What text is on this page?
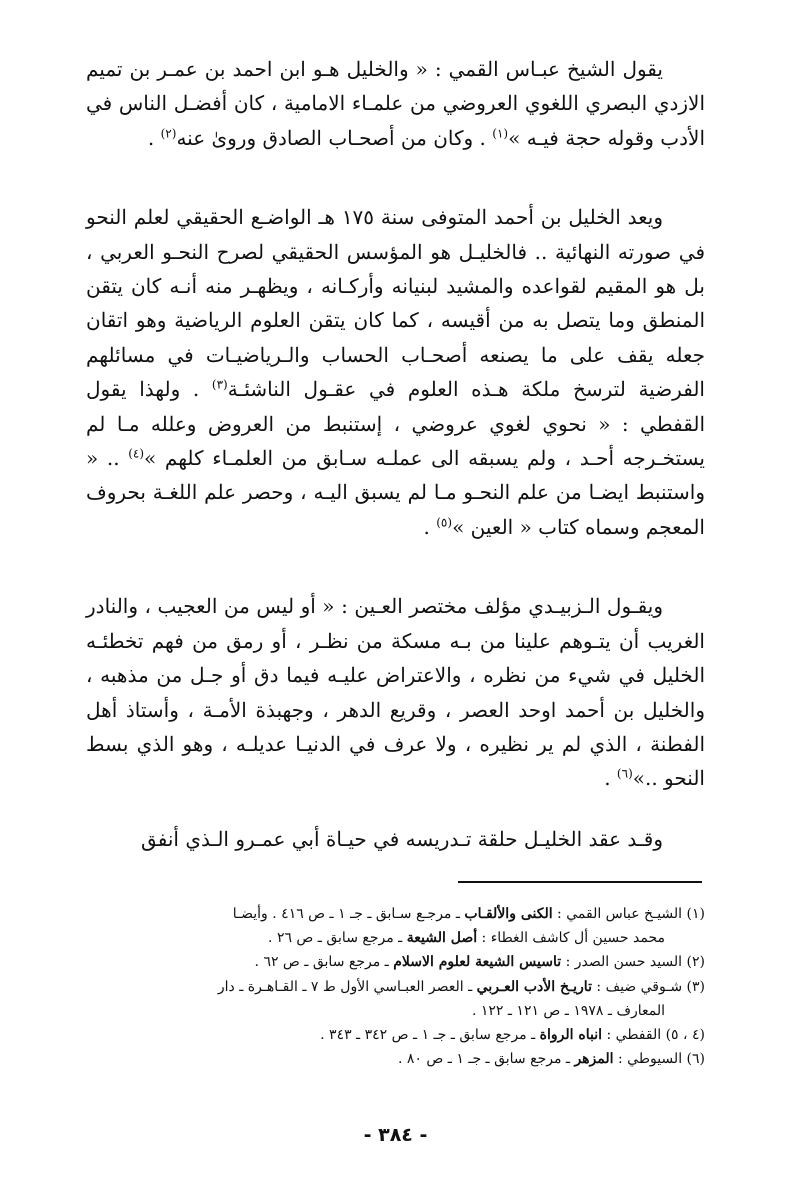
يقول الشيخ عبـاس القمي : « والخليل هـو ابن احمد بن عمـر بن تميم الازدي البصري اللغوي العروضي من علمـاء الامامية ، كان أفضـل الناس في الأدب وقوله حجة فيـه »$^{(١)}$ . وكان من أصحـاب الصادق وروىٰ عنه$^{(٢)}$ .

ويعد الخليل بن أحمد المتوفى سنة ١٧٥ هـ الواضـع الحقيقي لعلم النحو في صورته النهائية .. فالخليـل هو المؤسس الحقيقي لصرح النحـو العربي ، بل هو المقيم لقواعده والمشيد لبنيانه وأركـانه ، ويظهـر منه أنـه كان يتقن المنطق وما يتصل به من أقيسه ، كما كان يتقن العلوم الرياضية وهو اتقان جعله يقف على ما يصنعه أصحـاب الحساب والـرياضيـات في مسائلهم الفرضية لترسخ ملكة هـذه العلوم في عقـول الناشئـة$^{(٣)}$ . ولهذا يقول القفطي : « نحوي لغوي عروضي ، إستنبط من العروض وعلله مـا لم يستخـرجه أحـد ، ولم يسبقه الى عملـه سـابق من العلمـاء كلهم »$^{(٤)}$ .. « واستنبط ايضـا من علم النحـو مـا لم يسبق اليـه ، وحصر علم اللغـة بحروف المعجم وسماه كتاب « العين »$^{(٥)}$ .

ويقـول الـزبيـدي مؤلف مختصر العـين : « أو ليس من العجيب ، والنادر الغريب أن يتـوهم علينا من بـه مسكة من نظـر ، أو رمق من فهم تخطئـه الخليل في شيء من نظره ، والاعتراض عليـه فيما دق أو جـل من مذهبه ، والخليل بن أحمد اوحد العصر ، وقريع الدهر ، وجهبذة الأمـة ، وأستاذ أهل الفطنة ، الذي لم ير نظيره ، ولا عرف في الدنيـا عديلـه ، وهو الذي بسط النحو ..»$^{(٦)}$ .

وقـد عقد الخليـل حلقة تـدريسه في حيـاة أبي عمـرو الـذي أنفق

(١) الشيـخ عباس القمي : الكنى والألقـاب ـ مرجـع سـابق ـ جـ ١ ـ ص ٤١٦ . وأيضـا

محمد حسين أل كاشف الغطاء : أصل الشيعة ـ مرجع سابق ـ ص ٢٦ .

(٢) السيد حسن الصدر : تاسيس الشيعة لعلوم الاسلام ـ مرجع سابق ـ ص ٦٢ .

(٣) شـوقي ضيف : تاريـخ الأدب العـربي ـ العصر العبـاسي الأول ط ٧ ـ القـاهـرة ـ دار

المعارف ـ ١٩٧٨ ـ ص ١٢١ ـ ١٢٢ .

(٤ ، ٥) القفطي : انباه الرواة ـ مرجع سابق ـ جـ ١ ـ ص ٣٤٢ ـ ٣٤٣ .

(٦) السيوطي : المزهر ـ مرجع سابق ـ جـ ١ ـ ص ٨٠ .

- ٣٨٤ -
